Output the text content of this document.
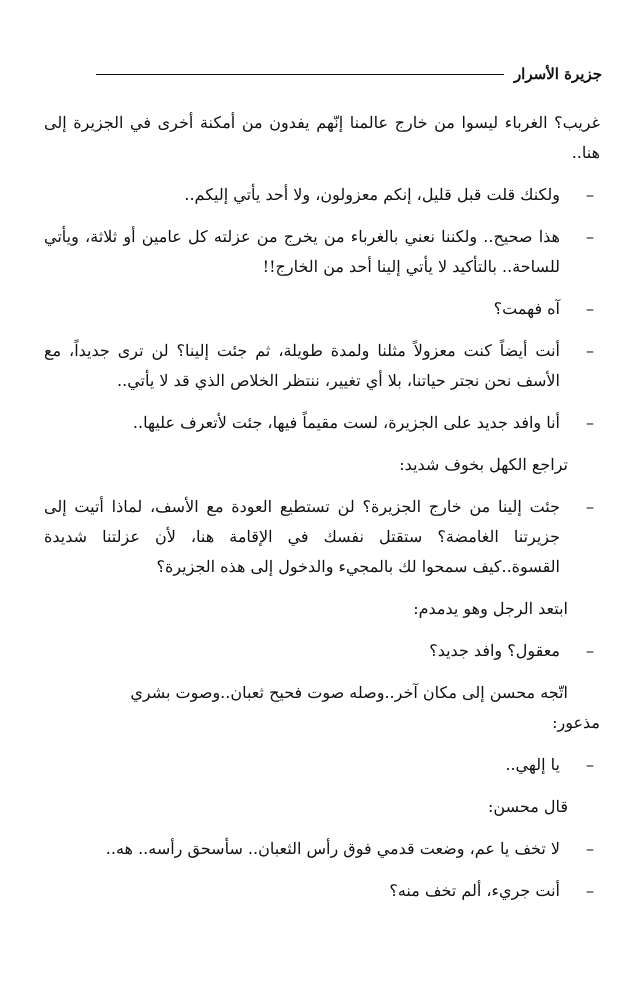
جزيرة الأسرار

غريب؟ الغرباء ليسوا من خارج عالمنا إنّهم يفدون من أمكنة أخرى في الجزيرة إلى هنا..

–
ولكنك قلت قبل قليل، إنكم معزولون، ولا أحد يأتي إليكم..
–
هذا صحيح.. ولكننا نعني بالغرباء من يخرج من عزلته كل عامين أو ثلاثة، ويأتي للساحة.. بالتأكيد لا يأتي إلينا أحد من الخارج!!
–
آه فهمت؟
–
أنت أيضاً كنت معزولاً مثلنا ولمدة طويلة، ثم جئت إلينا؟ لن ترى جديداً، مع الأسف نحن نجتر حياتنا، بلا أي تغيير، ننتظر الخلاص الذي قد لا يأتي..
–
أنا وافد جديد على الجزيرة، لست مقيماً فيها، جئت لأتعرف عليها..

تراجع الكهل بخوف شديد:

–
جئت إلينا من خارج الجزيرة؟ لن تستطيع العودة مع الأسف، لماذا أتيت إلى جزيرتنا الغامضة؟ ستقتل نفسك في الإقامة هنا، لأن عزلتنا شديدة القسوة..كيف سمحوا لك بالمجيء والدخول إلى هذه الجزيرة؟

ابتعد الرجل وهو يدمدم:

–
معقول؟ وافد جديد؟
اتّجه محسن إلى مكان آخر..وصله صوت فحيح ثعبان..وصوت بشري
مذعور:
–
يا إلهي..

قال محسن:

–
لا تخف يا عم، وضعت قدمي فوق رأس الثعبان.. سأسحق رأسه.. هه..
–
أنت جريء، ألم تخف منه؟
